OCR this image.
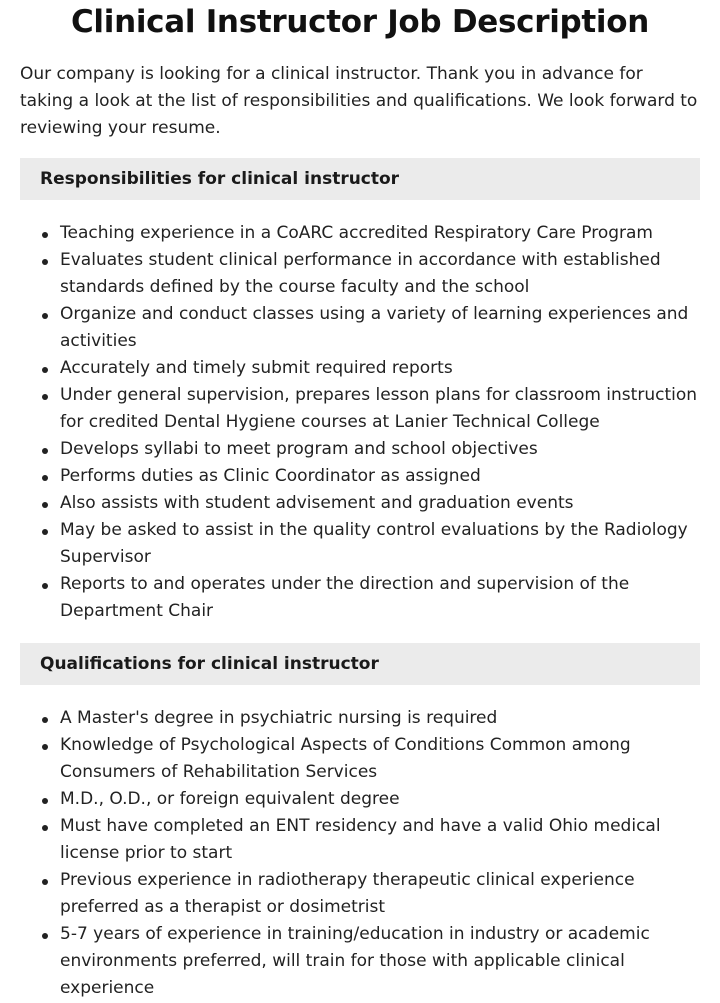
Clinical Instructor Job Description

Our company is looking for a clinical instructor. Thank you in advance for taking a look at the list of responsibilities and qualifications. We look forward to reviewing your resume.

Responsibilities for clinical instructor
Teaching experience in a CoARC accredited Respiratory Care Program
Evaluates student clinical performance in accordance with established standards defined by the course faculty and the school
Organize and conduct classes using a variety of learning experiences and activities
Accurately and timely submit required reports
Under general supervision, prepares lesson plans for classroom instruction for credited Dental Hygiene courses at Lanier Technical College
Develops syllabi to meet program and school objectives
Performs duties as Clinic Coordinator as assigned
Also assists with student advisement and graduation events
May be asked to assist in the quality control evaluations by the Radiology Supervisor
Reports to and operates under the direction and supervision of the Department Chair
Qualifications for clinical instructor
A Master's degree in psychiatric nursing is required
Knowledge of Psychological Aspects of Conditions Common among Consumers of Rehabilitation Services
M.D., O.D., or foreign equivalent degree
Must have completed an ENT residency and have a valid Ohio medical license prior to start
Previous experience in radiotherapy therapeutic clinical experience preferred as a therapist or dosimetrist
5-7 years of experience in training/education in industry or academic environments preferred, will train for those with applicable clinical experience
